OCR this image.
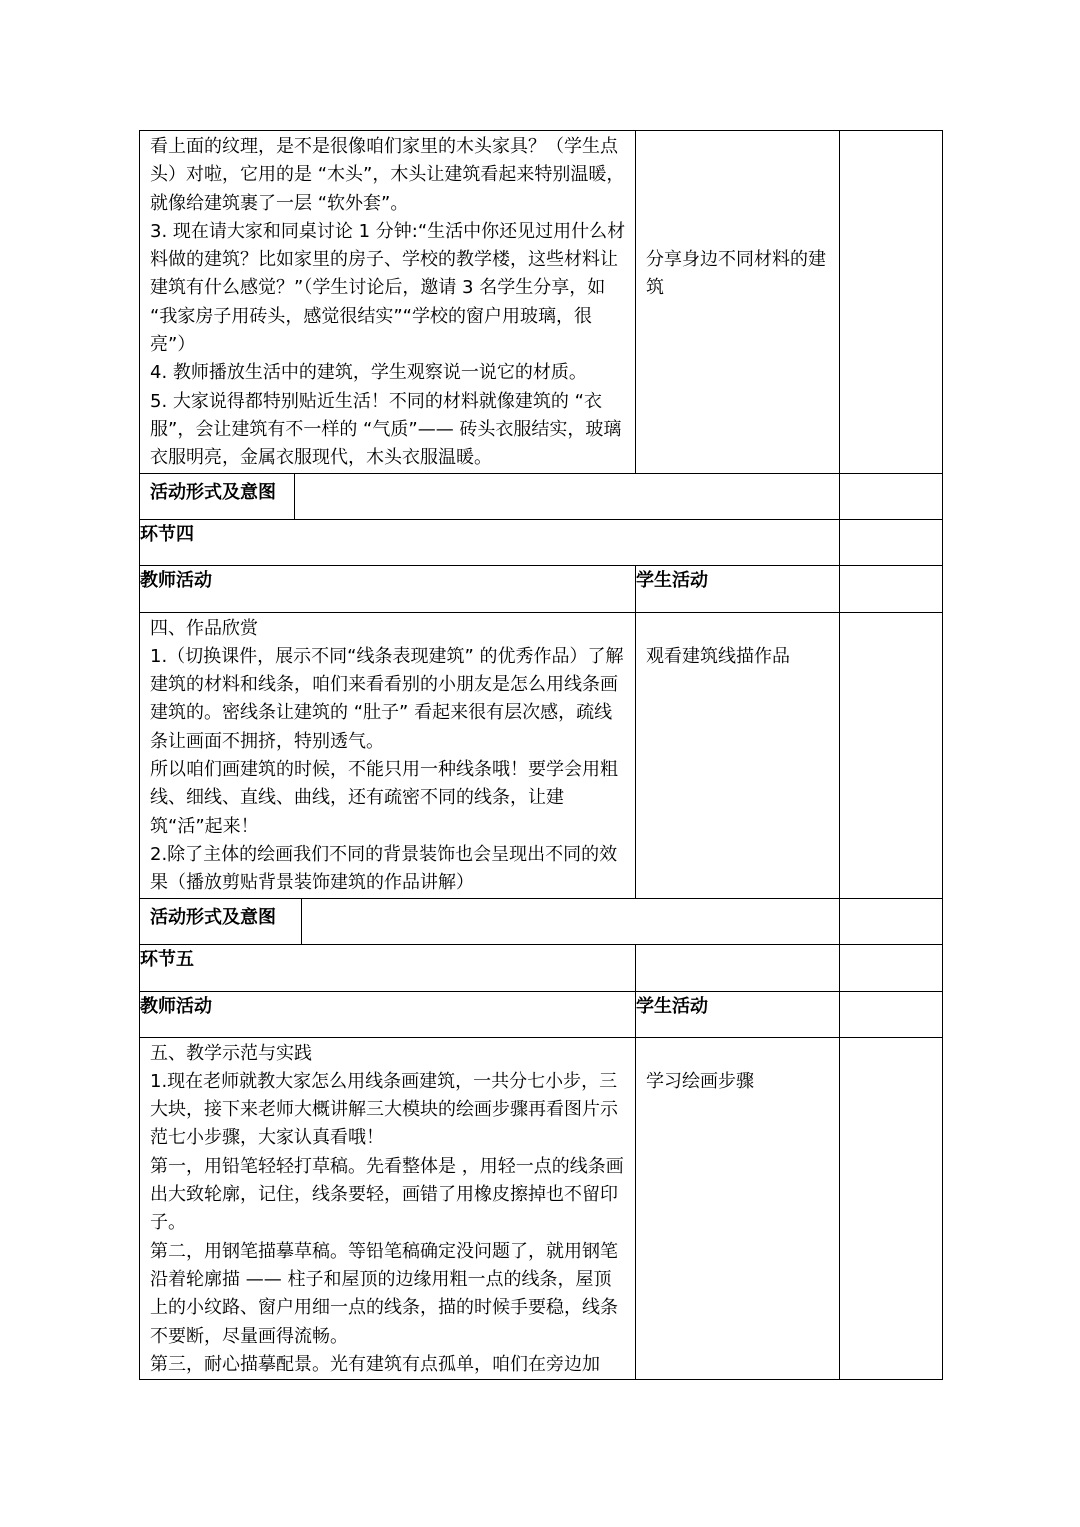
看上面的纹理，是不是很像咱们家里的木头家具？（学生点头）对啦，它用的是 “木头”，木头让建筑看起来特别温暖，就像给建筑裹了一层 “软外套”。

3. 现在请大家和同桌讨论 1 分钟:“生活中你还见过用什么材料做的建筑？比如家里的房子、学校的教学楼，这些材料让建筑有什么感觉？”（学生讨论后，邀请 3 名学生分享，如 “我家房子用砖头，感觉很结实”“学校的窗户用玻璃，很亮”）

4. 教师播放生活中的建筑，学生观察说一说它的材质。

5. 大家说得都特别贴近生活！不同的材料就像建筑的 “衣服”，会让建筑有不一样的 “气质”—— 砖头衣服结实，玻璃衣服明亮，金属衣服现代，木头衣服温暖。	分享身边不同材料的建筑	

活动形式及意图		

环节四		
教师活动	学生活动	

四、作品欣赏

1.（切换课件，展示不同“线条表现建筑” 的优秀作品）了解建筑的材料和线条，咱们来看看别的小朋友是怎么用线条画建筑的。密线条让建筑的 “肚子” 看起来很有层次感，疏线条让画面不拥挤，特别透气。

所以咱们画建筑的时候，不能只用一种线条哦！要学会用粗线、细线、直线、曲线，还有疏密不同的线条，让建筑“活”起来！

2.除了主体的绘画我们不同的背景装饰也会呈现出不同的效果（播放剪贴背景装饰建筑的作品讲解）	观看建筑线描作品	

活动形式及意图		

环节五		
教师活动	学生活动	

五、教学示范与实践

1.现在老师就教大家怎么用线条画建筑，一共分七小步，三大块，接下来老师大概讲解三大模块的绘画步骤再看图片示范七小步骤，大家认真看哦！

第一，用铅笔轻轻打草稿。先看整体是 ，用轻一点的线条画出大致轮廓，记住，线条要轻，画错了用橡皮擦掉也不留印子。

第二，用钢笔描摹草稿。等铅笔稿确定没问题了，就用钢笔沿着轮廓描 —— 柱子和屋顶的边缘用粗一点的线条，屋顶上的小纹路、窗户用细一点的线条，描的时候手要稳，线条不要断，尽量画得流畅。

第三，耐心描摹配景。光有建筑有点孤单，咱们在旁边加	学习绘画步骤	
